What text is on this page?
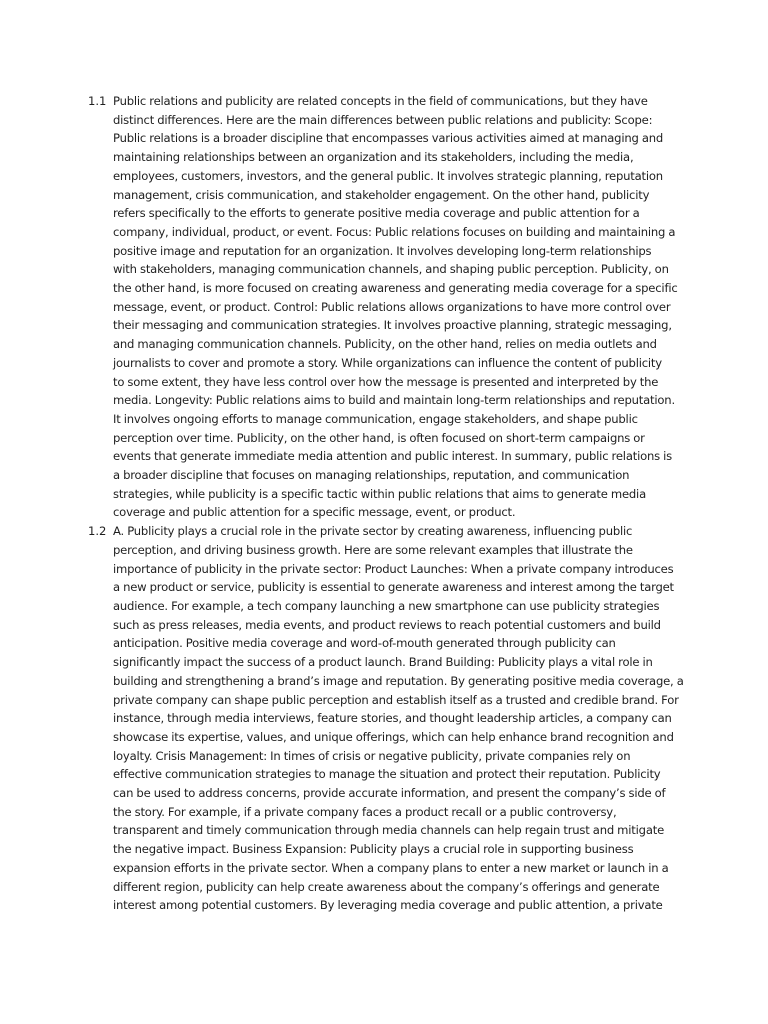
1.1 Public relations and publicity are related concepts in the field of communications, but they have
distinct differences. Here are the main differences between public relations and publicity: Scope:
Public relations is a broader discipline that encompasses various activities aimed at managing and
maintaining relationships between an organization and its stakeholders, including the media,
employees, customers, investors, and the general public. It involves strategic planning, reputation
management, crisis communication, and stakeholder engagement. On the other hand, publicity
refers specifically to the efforts to generate positive media coverage and public attention for a
company, individual, product, or event. Focus: Public relations focuses on building and maintaining a
positive image and reputation for an organization. It involves developing long-term relationships
with stakeholders, managing communication channels, and shaping public perception. Publicity, on
the other hand, is more focused on creating awareness and generating media coverage for a specific
message, event, or product. Control: Public relations allows organizations to have more control over
their messaging and communication strategies. It involves proactive planning, strategic messaging,
and managing communication channels. Publicity, on the other hand, relies on media outlets and
journalists to cover and promote a story. While organizations can influence the content of publicity
to some extent, they have less control over how the message is presented and interpreted by the
media. Longevity: Public relations aims to build and maintain long-term relationships and reputation.
It involves ongoing efforts to manage communication, engage stakeholders, and shape public
perception over time. Publicity, on the other hand, is often focused on short-term campaigns or
events that generate immediate media attention and public interest. In summary, public relations is
a broader discipline that focuses on managing relationships, reputation, and communication
strategies, while publicity is a specific tactic within public relations that aims to generate media
coverage and public attention for a specific message, event, or product.
1.2 A. Publicity plays a crucial role in the private sector by creating awareness, influencing public
perception, and driving business growth. Here are some relevant examples that illustrate the
importance of publicity in the private sector: Product Launches: When a private company introduces
a new product or service, publicity is essential to generate awareness and interest among the target
audience. For example, a tech company launching a new smartphone can use publicity strategies
such as press releases, media events, and product reviews to reach potential customers and build
anticipation. Positive media coverage and word-of-mouth generated through publicity can
significantly impact the success of a product launch. Brand Building: Publicity plays a vital role in
building and strengthening a brand’s image and reputation. By generating positive media coverage, a
private company can shape public perception and establish itself as a trusted and credible brand. For
instance, through media interviews, feature stories, and thought leadership articles, a company can
showcase its expertise, values, and unique offerings, which can help enhance brand recognition and
loyalty. Crisis Management: In times of crisis or negative publicity, private companies rely on
effective communication strategies to manage the situation and protect their reputation. Publicity
can be used to address concerns, provide accurate information, and present the company’s side of
the story. For example, if a private company faces a product recall or a public controversy,
transparent and timely communication through media channels can help regain trust and mitigate
the negative impact. Business Expansion: Publicity plays a crucial role in supporting business
expansion efforts in the private sector. When a company plans to enter a new market or launch in a
different region, publicity can help create awareness about the company’s offerings and generate
interest among potential customers. By leveraging media coverage and public attention, a private
